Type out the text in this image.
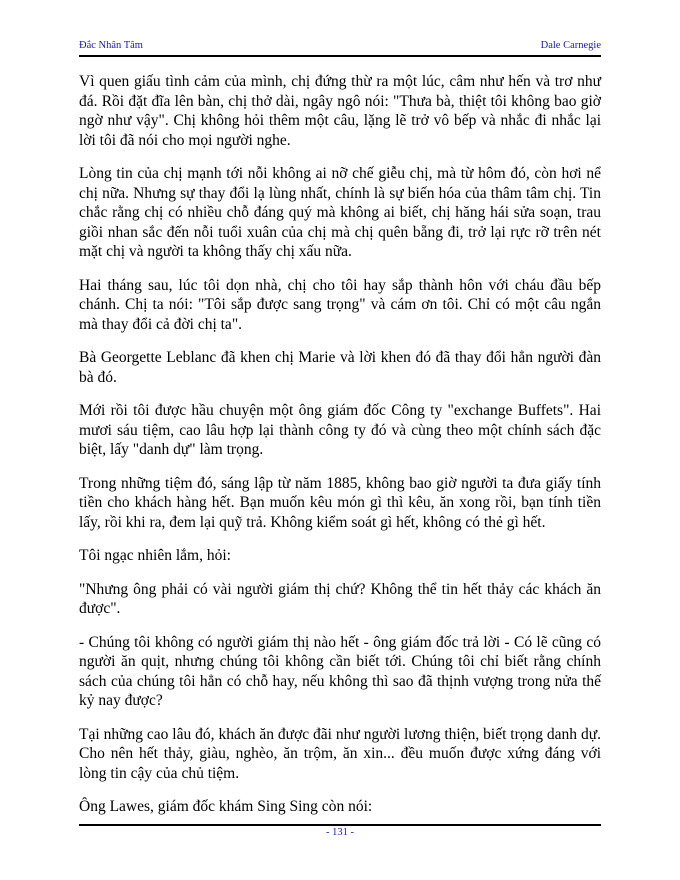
Đắc Nhân Tâm	Dale Carnegie

Vì quen giấu tình cảm của mình, chị đứng thừ ra một lúc, câm như hến và trơ như đá. Rồi đặt đĩa lên bàn, chị thở dài, ngây ngô nói: "Thưa bà, thiệt tôi không bao giờ ngờ như vậy". Chị không hỏi thêm một câu, lặng lẽ trở vô bếp và nhắc đi nhắc lại lời tôi đã nói cho mọi người nghe.

Lòng tin của chị mạnh tới nỗi không ai nỡ chế giễu chị, mà từ hôm đó, còn hơi nể chị nữa. Nhưng sự thay đổi lạ lùng nhất, chính là sự biến hóa của thâm tâm chị. Tin chắc rằng chị có nhiều chỗ đáng quý mà không ai biết, chị hăng hái sửa soạn, trau giồi nhan sắc đến nỗi tuổi xuân của chị mà chị quên bẵng đi, trở lại rực rỡ trên nét mặt chị và người ta không thấy chị xấu nữa.

Hai tháng sau, lúc tôi dọn nhà, chị cho tôi hay sắp thành hôn với cháu đầu bếp chánh. Chị ta nói: "Tôi sắp được sang trọng" và cám ơn tôi. Chỉ có một câu ngắn mà thay đổi cả đời chị ta".

Bà Georgette Leblanc đã khen chị Marie và lời khen đó đã thay đổi hẳn người đàn bà đó.

Mới rồi tôi được hầu chuyện một ông giám đốc Công ty "exchange Buffets". Hai mươi sáu tiệm, cao lâu hợp lại thành công ty đó và cùng theo một chính sách đặc biệt, lấy "danh dự" làm trọng.

Trong những tiệm đó, sáng lập từ năm 1885, không bao giờ người ta đưa giấy tính tiền cho khách hàng hết. Bạn muốn kêu món gì thì kêu, ăn xong rồi, bạn tính tiền lấy, rồi khi ra, đem lại quỹ trả. Không kiểm soát gì hết, không có thẻ gì hết.

Tôi ngạc nhiên lắm, hỏi:

"Nhưng ông phải có vài người giám thị chứ? Không thể tin hết thảy các khách ăn được".

- Chúng tôi không có người giám thị nào hết - ông giám đốc trả lời - Có lẽ cũng có người ăn quịt, nhưng chúng tôi không cần biết tới. Chúng tôi chỉ biết rằng chính sách của chúng tôi hẳn có chỗ hay, nếu không thì sao đã thịnh vượng trong nửa thế kỷ nay được?

Tại những cao lâu đó, khách ăn được đãi như người lương thiện, biết trọng danh dự. Cho nên hết thảy, giàu, nghèo, ăn trộm, ăn xin... đều muốn được xứng đáng với lòng tin cậy của chủ tiệm.

Ông Lawes, giám đốc khám Sing Sing còn nói:

- 131 -
